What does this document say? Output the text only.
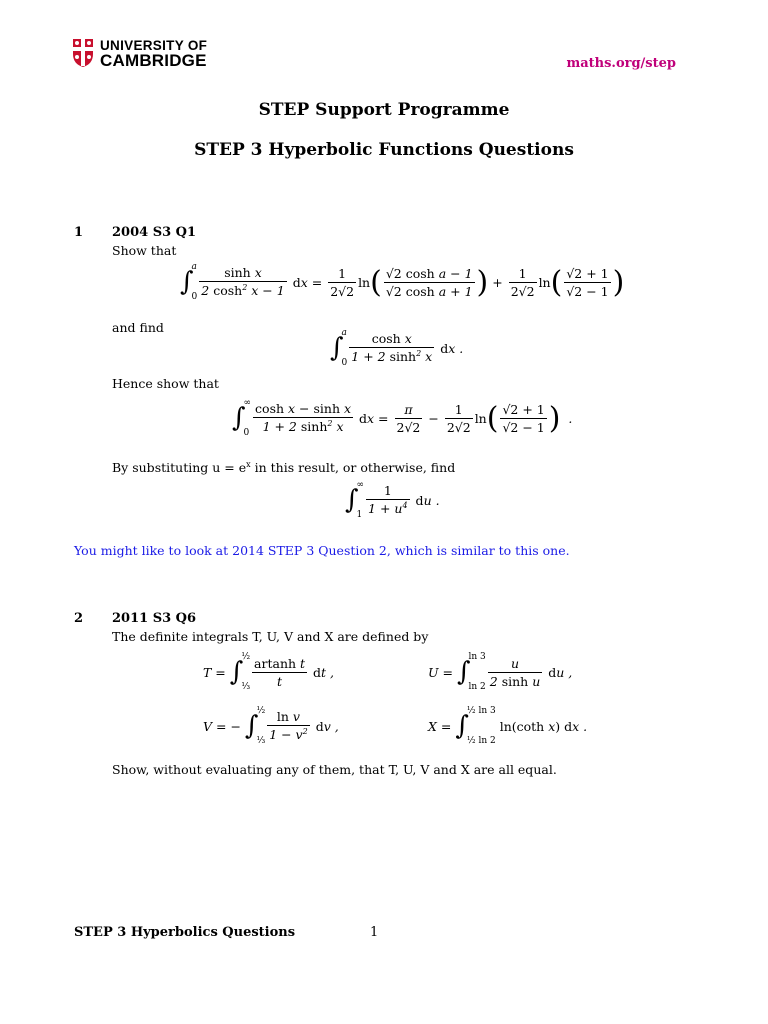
UNIVERSITY OF
CAMBRIDGE	maths.org/step
STEP Support Programme
STEP 3 Hyperbolic Functions Questions
1 2004 S3 Q1
Show that
∫
a
$0 \frac{\text{sinh x}}{2 \cosh^2 x - 1}$ d $x = \frac{1}{2√2}$ ln ( $\frac{\text{√2 cosh a − 1}}{\text{√2 cosh a + 1}}$ ) + $\frac{1}{2√2}$ ln ( $\frac{√2 + 1}{√2 - 1}$ )
and find
∫
a
$0 \frac{\text{cosh x}}{1 + 2 \sinh^2 x}$ d x .
Hence show that
∫
∞
$0 \frac{\text{cosh x − sinh x}}{1 + 2 \sinh^2 x}$ d $x = \frac{\pi}{2√2} - \frac{1}{2√2}$ ln ( $\frac{√2 + 1}{√2 - 1}$ ) .
By substituting $u = e^x$ in this result, or otherwise, find
∫
∞
$1 \frac{1}{1 + u^4}$ d u .
You might like to look at 2014 STEP 3 Question 2, which is similar to this one.
2 2011 S3 Q6
The definite integrals T, U, V and X are defined by
T = ∫
½
⅓ $\frac{\text{artanh t}}{t}$ d t ,	U = ∫
ln 3
$\ln 2 \frac{u}{\text{2 sinh u}}$ d u ,
V = − ∫
½
⅓ $\frac{\text{ln v}}{1 - v^2}$ d v ,	X = ∫
½ ln 3
½ ln 2
ln(coth x ) d x .
Show, without evaluating any of them, that T, U, V and X are all equal.
STEP 3 Hyperbolics Questions	1
